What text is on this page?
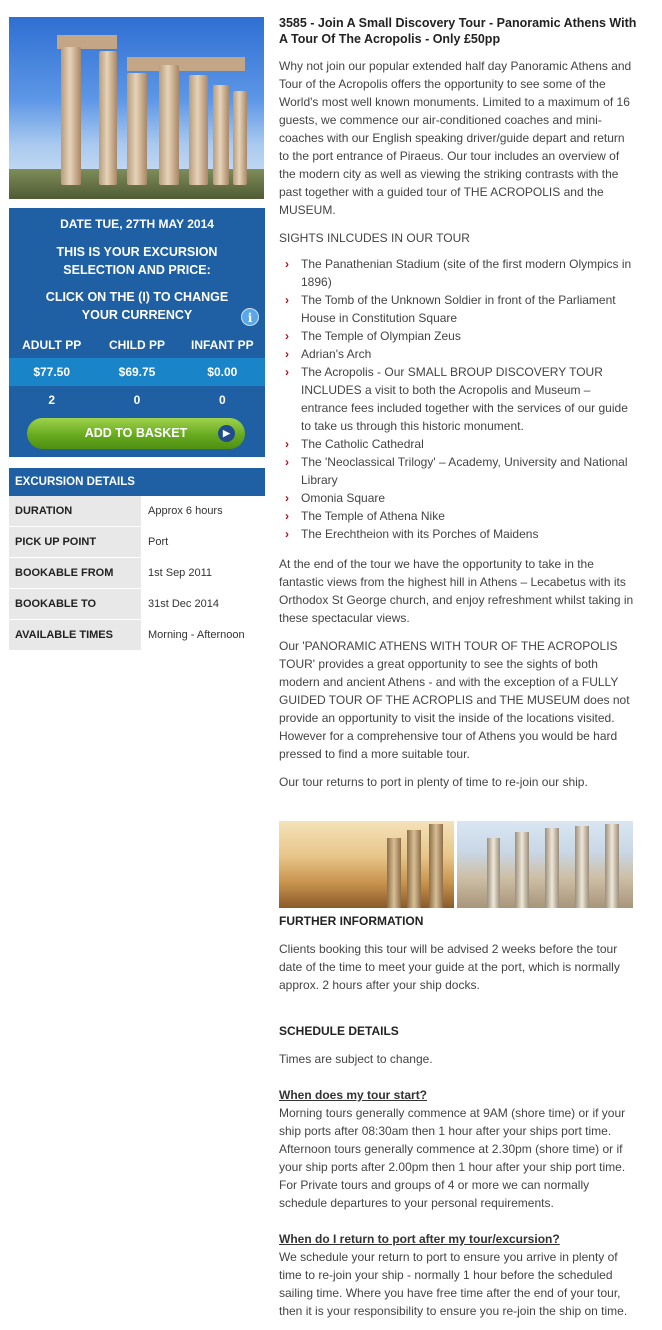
DATE TUE, 27TH MAY 2014
THIS IS YOUR EXCURSION SELECTION AND PRICE:
CLICK ON THE (I) TO CHANGE YOUR CURRENCY	i
ADULT PP	CHILD PP	INFANT PP
$77.50	$69.75	$0.00
2	0	0
ADD TO BASKET	▶
EXCURSION DETAILS
DURATION	Approx 6 hours
PICK UP POINT	Port
BOOKABLE FROM	1st Sep 2011
BOOKABLE TO	31st Dec 2014
AVAILABLE TIMES	Morning - Afternoon
3585 - Join A Small Discovery Tour - Panoramic Athens With A Tour Of The Acropolis - Only £50pp

Why not join our popular extended half day Panoramic Athens and Tour of the Acropolis offers the opportunity to see some of the World's most well known monuments. Limited to a maximum of 16 guests, we commence our air-conditioned coaches and mini-coaches with our English speaking driver/guide depart and return to the port entrance of Piraeus. Our tour includes an overview of the modern city as well as viewing the striking contrasts with the past together with a guided tour of THE ACROPOLIS and the MUSEUM.

SIGHTS INLCUDES IN OUR TOUR

› The Panathenian Stadium (site of the first modern Olympics in 1896)
› The Tomb of the Unknown Soldier in front of the Parliament House in Constitution Square
› The Temple of Olympian Zeus
› Adrian's Arch
› The Acropolis - Our SMALL BROUP DISCOVERY TOUR INCLUDES a visit to both the Acropolis and Museum – entrance fees included together with the services of our guide to take us through this historic monument.
› The Catholic Cathedral
› The 'Neoclassical Trilogy' – Academy, University and National Library
› Omonia Square
› The Temple of Athena Nike
› The Erechtheion with its Porches of Maidens

At the end of the tour we have the opportunity to take in the fantastic views from the highest hill in Athens – Lecabetus with its Orthodox St George church, and enjoy refreshment whilst taking in these spectacular views.

Our 'PANORAMIC ATHENS WITH TOUR OF THE ACROPOLIS TOUR' provides a great opportunity to see the sights of both modern and ancient Athens - and with the exception of a FULLY GUIDED TOUR OF THE ACROPLIS and THE MUSEUM does not provide an opportunity to visit the inside of the locations visited. However for a comprehensive tour of Athens you would be hard pressed to find a more suitable tour.

Our tour returns to port in plenty of time to re-join our ship.

FURTHER INFORMATION

Clients booking this tour will be advised 2 weeks before the tour date of the time to meet your guide at the port, which is normally approx. 2 hours after your ship docks.

SCHEDULE DETAILS

Times are subject to change.

When does my tour start?

Morning tours generally commence at 9AM (shore time) or if your ship ports after 08:30am then 1 hour after your ships port time. Afternoon tours generally commence at 2.30pm (shore time) or if your ship ports after 2.00pm then 1 hour after your ship port time. For Private tours and groups of 4 or more we can normally schedule departures to your personal requirements.

When do I return to port after my tour/excursion?

We schedule your return to port to ensure you arrive in plenty of time to re-join your ship - normally 1 hour before the scheduled sailing time. Where you have free time after the end of your tour, then it is your responsibility to ensure you re-join the ship on time.
